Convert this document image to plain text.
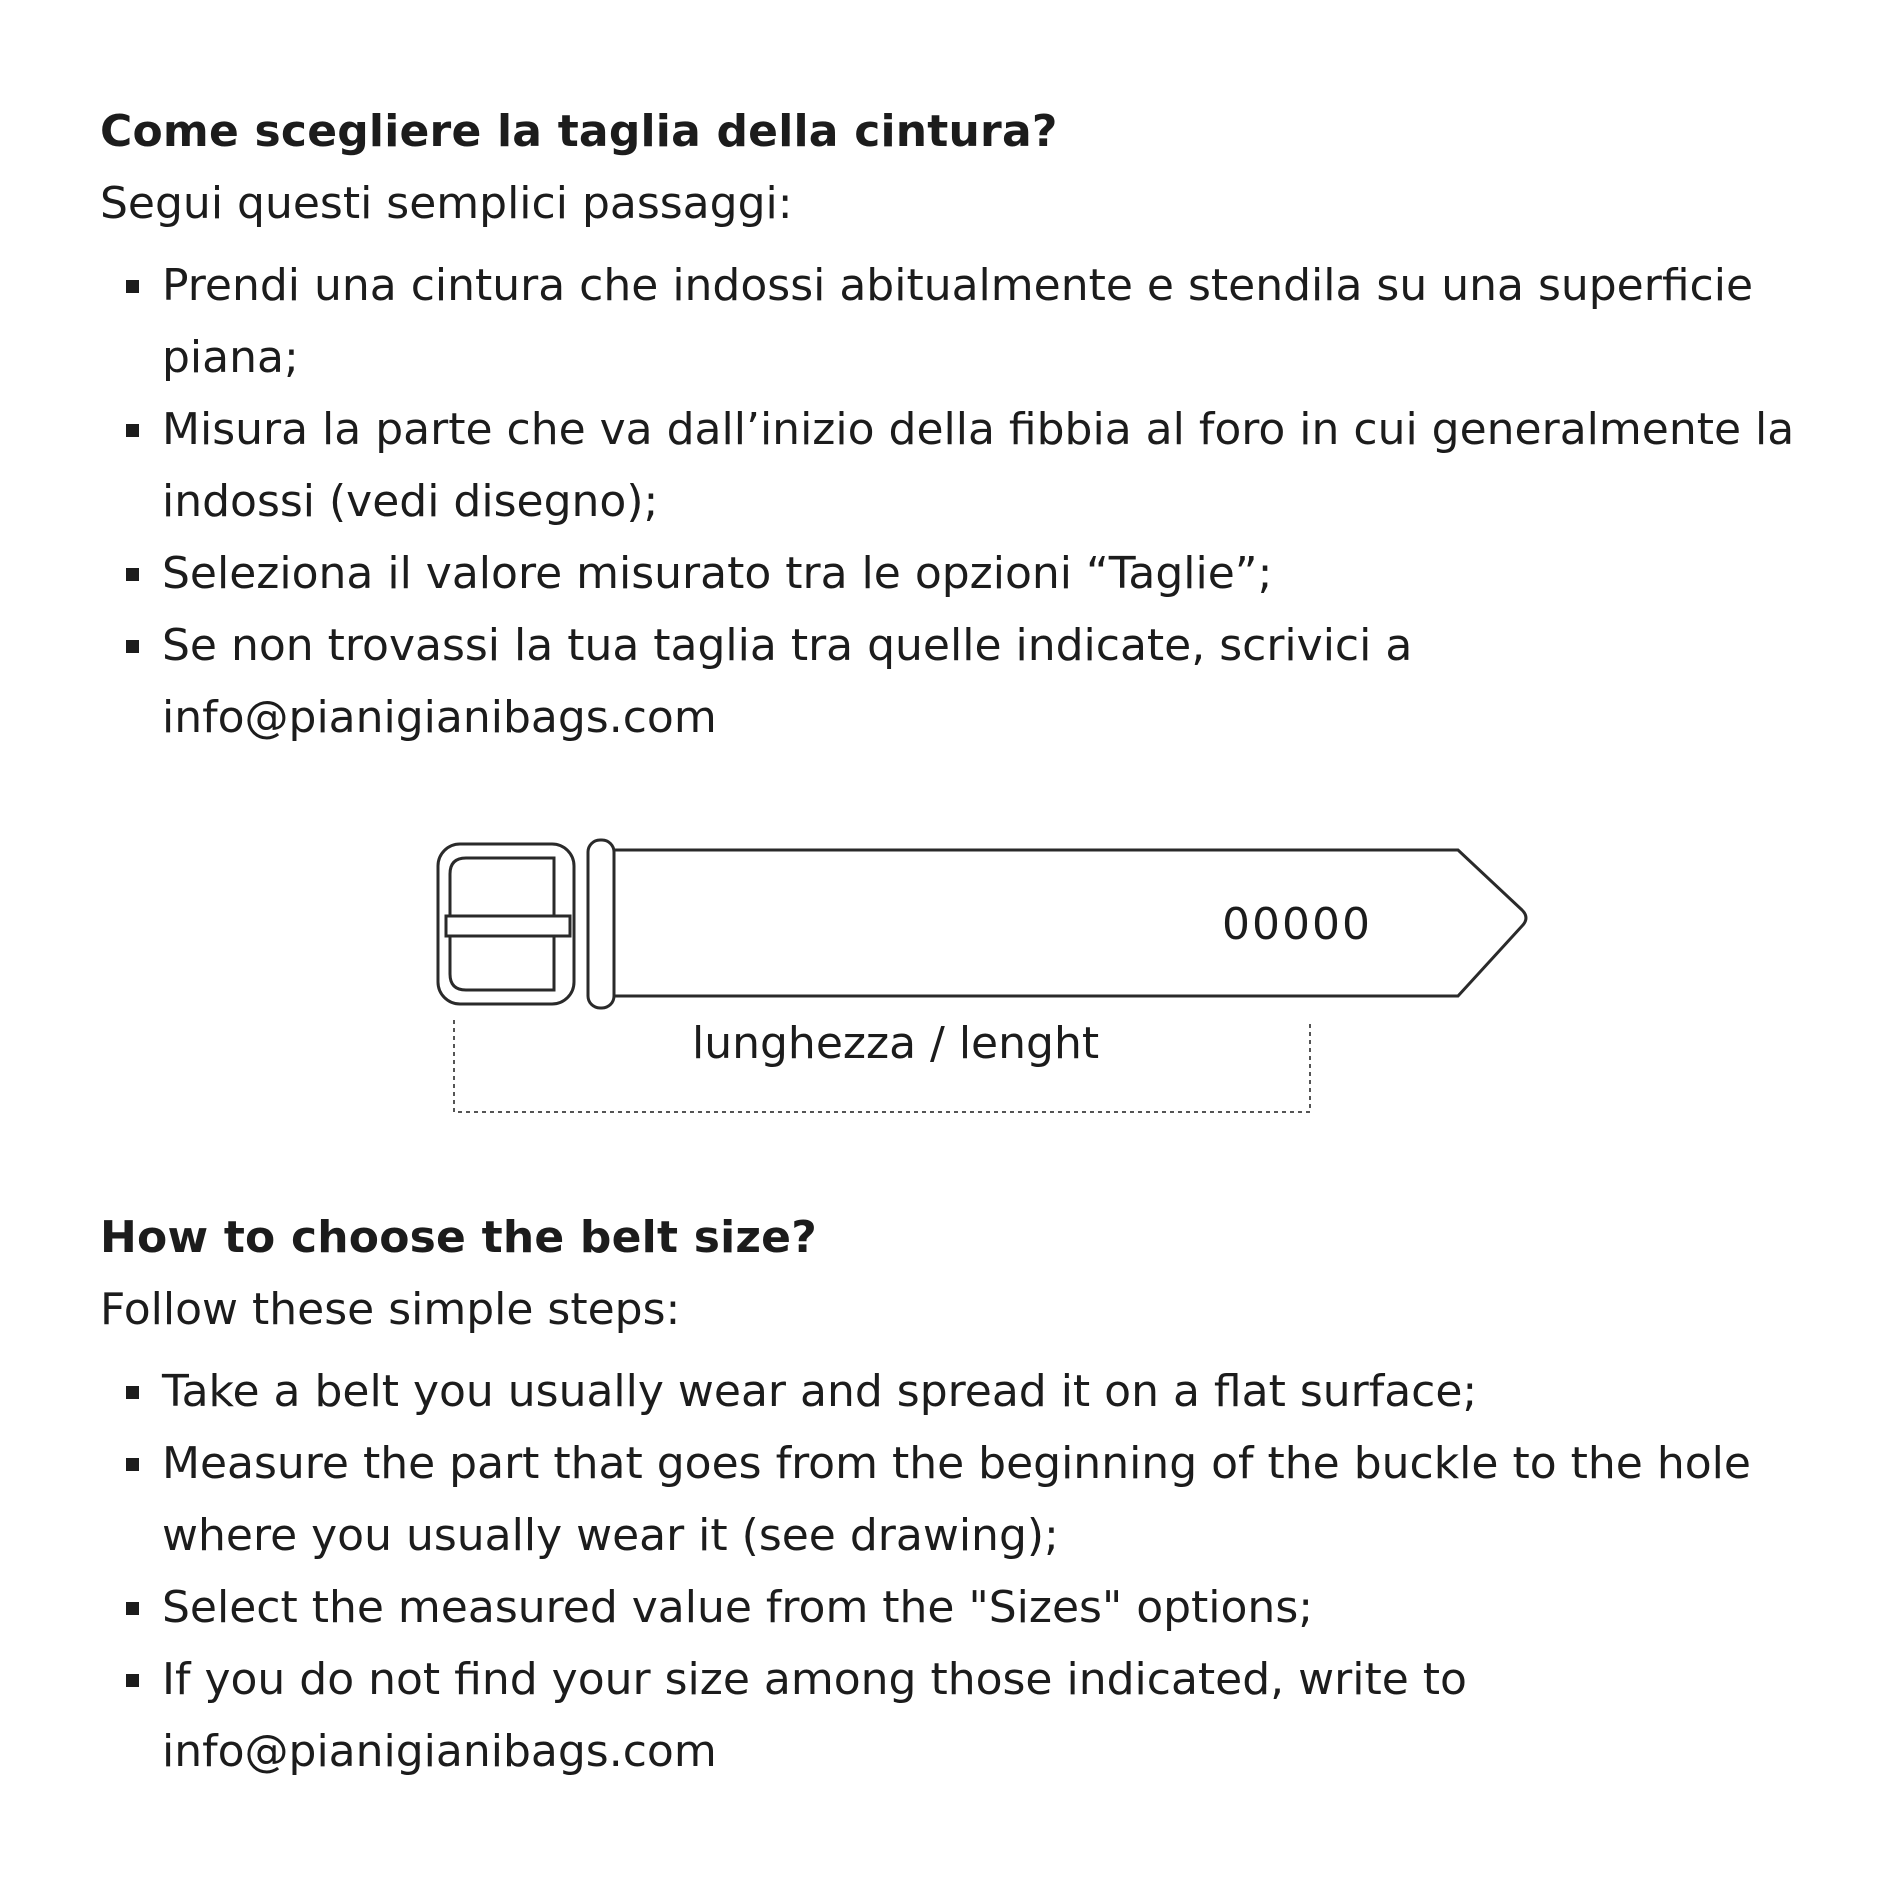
Come scegliere la taglia della cintura?

Segui questi semplici passaggi:

Prendi una cintura che indossi abitualmente e stendila su una superficie piana;
Misura la parte che va dall’inizio della fibbia al foro in cui generalmente la indossi (vedi disegno);
Seleziona il valore misurato tra le opzioni “Taglie”;
Se non trovassi la tua taglia tra quelle indicate, scrivici a info@pianigianibags.com
00000
lunghezza / lenght
How to choose the belt size?

Follow these simple steps:

Take a belt you usually wear and spread it on a flat surface;
Measure the part that goes from the beginning of the buckle to the hole where you usually wear it (see drawing);
Select the measured value from the "Sizes" options;
If you do not find your size among those indicated, write to info@pianigianibags.com
